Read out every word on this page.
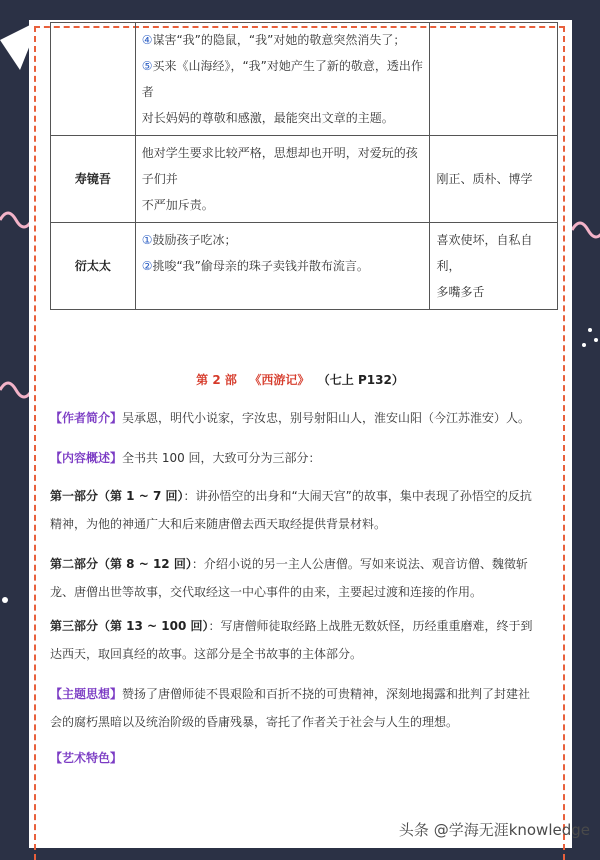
	④谋害“我”的隐鼠，“我”对她的敬意突然消失了；
⑤买来《山海经》，“我”对她产生了新的敬意，透出作者
对长妈妈的尊敬和感激，最能突出文章的主题。	

寿镜吾	他对学生要求比较严格，思想却也开明，对爱玩的孩子们并
不严加斥责。	刚正、质朴、博学

衍太太	①鼓励孩子吃冰；
②挑唆“我”偷母亲的珠子卖钱并散布流言。	喜欢使坏，自私自利，
多嘴多舌
第 2 部 《西游记》 （七上 P132）
【作者简介】吴承恩，明代小说家，字汝忠，别号射阳山人，淮安山阳（今江苏淮安）人。
【内容概述】全书共 100 回，大致可分为三部分：
第一部分（第 1 ~ 7 回）：讲孙悟空的出身和“大闹天宫”的故事，集中表现了孙悟空的反抗精神，为他的神通广大和后来随唐僧去西天取经提供背景材料。
第二部分（第 8 ~ 12 回）：介绍小说的另一主人公唐僧。写如来说法、观音访僧、魏徵斩龙、唐僧出世等故事，交代取经这一中心事件的由来，主要起过渡和连接的作用。
第三部分（第 13 ~ 100 回）：写唐僧师徒取经路上战胜无数妖怪，历经重重磨难，终于到达西天，取回真经的故事。这部分是全书故事的主体部分。
【主题思想】赞扬了唐僧师徒不畏艰险和百折不挠的可贵精神，深刻地揭露和批判了封建社会的腐朽黑暗以及统治阶级的昏庸残暴，寄托了作者关于社会与人生的理想。
【艺术特色】
头条 @学海无涯knowledge
